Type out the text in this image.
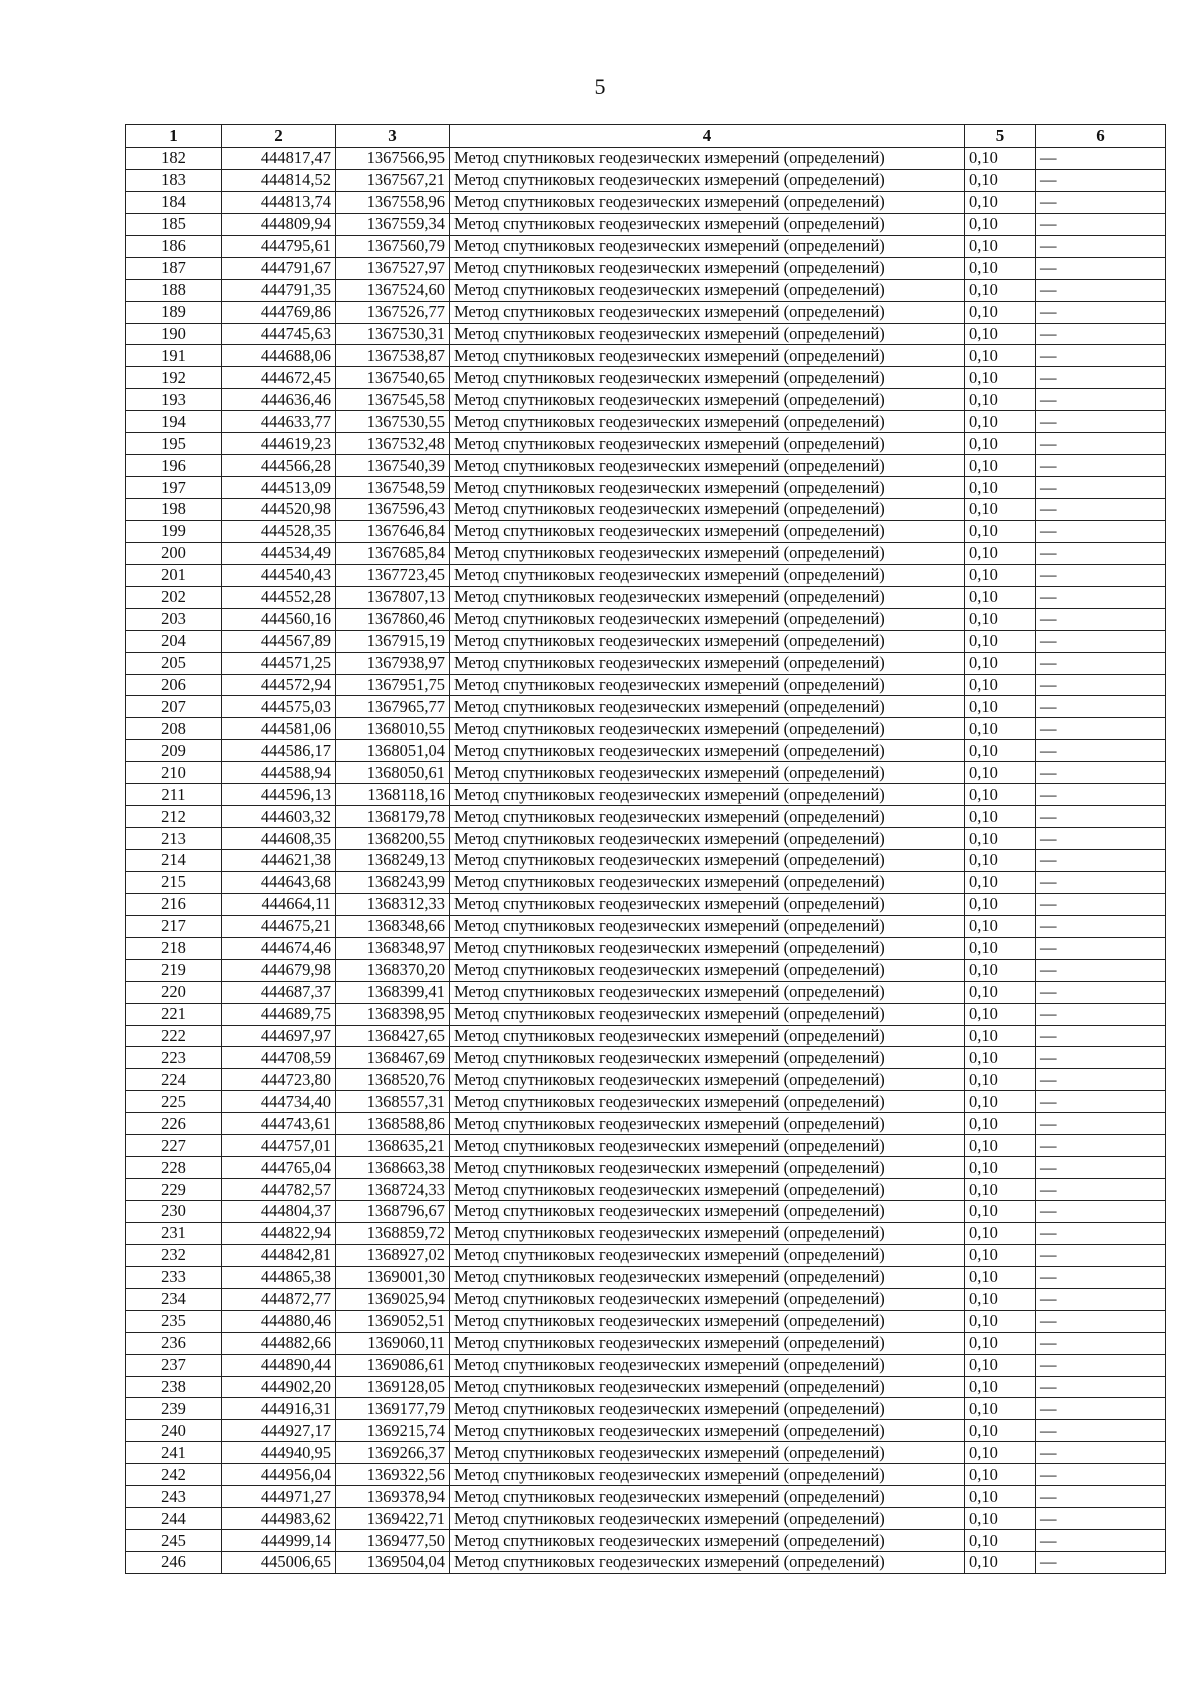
5
1	2	3	4	5	6
182	444817,47	1367566,95	Метод спутниковых геодезических измерений (определений)	0,10	—
183	444814,52	1367567,21	Метод спутниковых геодезических измерений (определений)	0,10	—
184	444813,74	1367558,96	Метод спутниковых геодезических измерений (определений)	0,10	—
185	444809,94	1367559,34	Метод спутниковых геодезических измерений (определений)	0,10	—
186	444795,61	1367560,79	Метод спутниковых геодезических измерений (определений)	0,10	—
187	444791,67	1367527,97	Метод спутниковых геодезических измерений (определений)	0,10	—
188	444791,35	1367524,60	Метод спутниковых геодезических измерений (определений)	0,10	—
189	444769,86	1367526,77	Метод спутниковых геодезических измерений (определений)	0,10	—
190	444745,63	1367530,31	Метод спутниковых геодезических измерений (определений)	0,10	—
191	444688,06	1367538,87	Метод спутниковых геодезических измерений (определений)	0,10	—
192	444672,45	1367540,65	Метод спутниковых геодезических измерений (определений)	0,10	—
193	444636,46	1367545,58	Метод спутниковых геодезических измерений (определений)	0,10	—
194	444633,77	1367530,55	Метод спутниковых геодезических измерений (определений)	0,10	—
195	444619,23	1367532,48	Метод спутниковых геодезических измерений (определений)	0,10	—
196	444566,28	1367540,39	Метод спутниковых геодезических измерений (определений)	0,10	—
197	444513,09	1367548,59	Метод спутниковых геодезических измерений (определений)	0,10	—
198	444520,98	1367596,43	Метод спутниковых геодезических измерений (определений)	0,10	—
199	444528,35	1367646,84	Метод спутниковых геодезических измерений (определений)	0,10	—
200	444534,49	1367685,84	Метод спутниковых геодезических измерений (определений)	0,10	—
201	444540,43	1367723,45	Метод спутниковых геодезических измерений (определений)	0,10	—
202	444552,28	1367807,13	Метод спутниковых геодезических измерений (определений)	0,10	—
203	444560,16	1367860,46	Метод спутниковых геодезических измерений (определений)	0,10	—
204	444567,89	1367915,19	Метод спутниковых геодезических измерений (определений)	0,10	—
205	444571,25	1367938,97	Метод спутниковых геодезических измерений (определений)	0,10	—
206	444572,94	1367951,75	Метод спутниковых геодезических измерений (определений)	0,10	—
207	444575,03	1367965,77	Метод спутниковых геодезических измерений (определений)	0,10	—
208	444581,06	1368010,55	Метод спутниковых геодезических измерений (определений)	0,10	—
209	444586,17	1368051,04	Метод спутниковых геодезических измерений (определений)	0,10	—
210	444588,94	1368050,61	Метод спутниковых геодезических измерений (определений)	0,10	—
211	444596,13	1368118,16	Метод спутниковых геодезических измерений (определений)	0,10	—
212	444603,32	1368179,78	Метод спутниковых геодезических измерений (определений)	0,10	—
213	444608,35	1368200,55	Метод спутниковых геодезических измерений (определений)	0,10	—
214	444621,38	1368249,13	Метод спутниковых геодезических измерений (определений)	0,10	—
215	444643,68	1368243,99	Метод спутниковых геодезических измерений (определений)	0,10	—
216	444664,11	1368312,33	Метод спутниковых геодезических измерений (определений)	0,10	—
217	444675,21	1368348,66	Метод спутниковых геодезических измерений (определений)	0,10	—
218	444674,46	1368348,97	Метод спутниковых геодезических измерений (определений)	0,10	—
219	444679,98	1368370,20	Метод спутниковых геодезических измерений (определений)	0,10	—
220	444687,37	1368399,41	Метод спутниковых геодезических измерений (определений)	0,10	—
221	444689,75	1368398,95	Метод спутниковых геодезических измерений (определений)	0,10	—
222	444697,97	1368427,65	Метод спутниковых геодезических измерений (определений)	0,10	—
223	444708,59	1368467,69	Метод спутниковых геодезических измерений (определений)	0,10	—
224	444723,80	1368520,76	Метод спутниковых геодезических измерений (определений)	0,10	—
225	444734,40	1368557,31	Метод спутниковых геодезических измерений (определений)	0,10	—
226	444743,61	1368588,86	Метод спутниковых геодезических измерений (определений)	0,10	—
227	444757,01	1368635,21	Метод спутниковых геодезических измерений (определений)	0,10	—
228	444765,04	1368663,38	Метод спутниковых геодезических измерений (определений)	0,10	—
229	444782,57	1368724,33	Метод спутниковых геодезических измерений (определений)	0,10	—
230	444804,37	1368796,67	Метод спутниковых геодезических измерений (определений)	0,10	—
231	444822,94	1368859,72	Метод спутниковых геодезических измерений (определений)	0,10	—
232	444842,81	1368927,02	Метод спутниковых геодезических измерений (определений)	0,10	—
233	444865,38	1369001,30	Метод спутниковых геодезических измерений (определений)	0,10	—
234	444872,77	1369025,94	Метод спутниковых геодезических измерений (определений)	0,10	—
235	444880,46	1369052,51	Метод спутниковых геодезических измерений (определений)	0,10	—
236	444882,66	1369060,11	Метод спутниковых геодезических измерений (определений)	0,10	—
237	444890,44	1369086,61	Метод спутниковых геодезических измерений (определений)	0,10	—
238	444902,20	1369128,05	Метод спутниковых геодезических измерений (определений)	0,10	—
239	444916,31	1369177,79	Метод спутниковых геодезических измерений (определений)	0,10	—
240	444927,17	1369215,74	Метод спутниковых геодезических измерений (определений)	0,10	—
241	444940,95	1369266,37	Метод спутниковых геодезических измерений (определений)	0,10	—
242	444956,04	1369322,56	Метод спутниковых геодезических измерений (определений)	0,10	—
243	444971,27	1369378,94	Метод спутниковых геодезических измерений (определений)	0,10	—
244	444983,62	1369422,71	Метод спутниковых геодезических измерений (определений)	0,10	—
245	444999,14	1369477,50	Метод спутниковых геодезических измерений (определений)	0,10	—
246	445006,65	1369504,04	Метод спутниковых геодезических измерений (определений)	0,10	—
